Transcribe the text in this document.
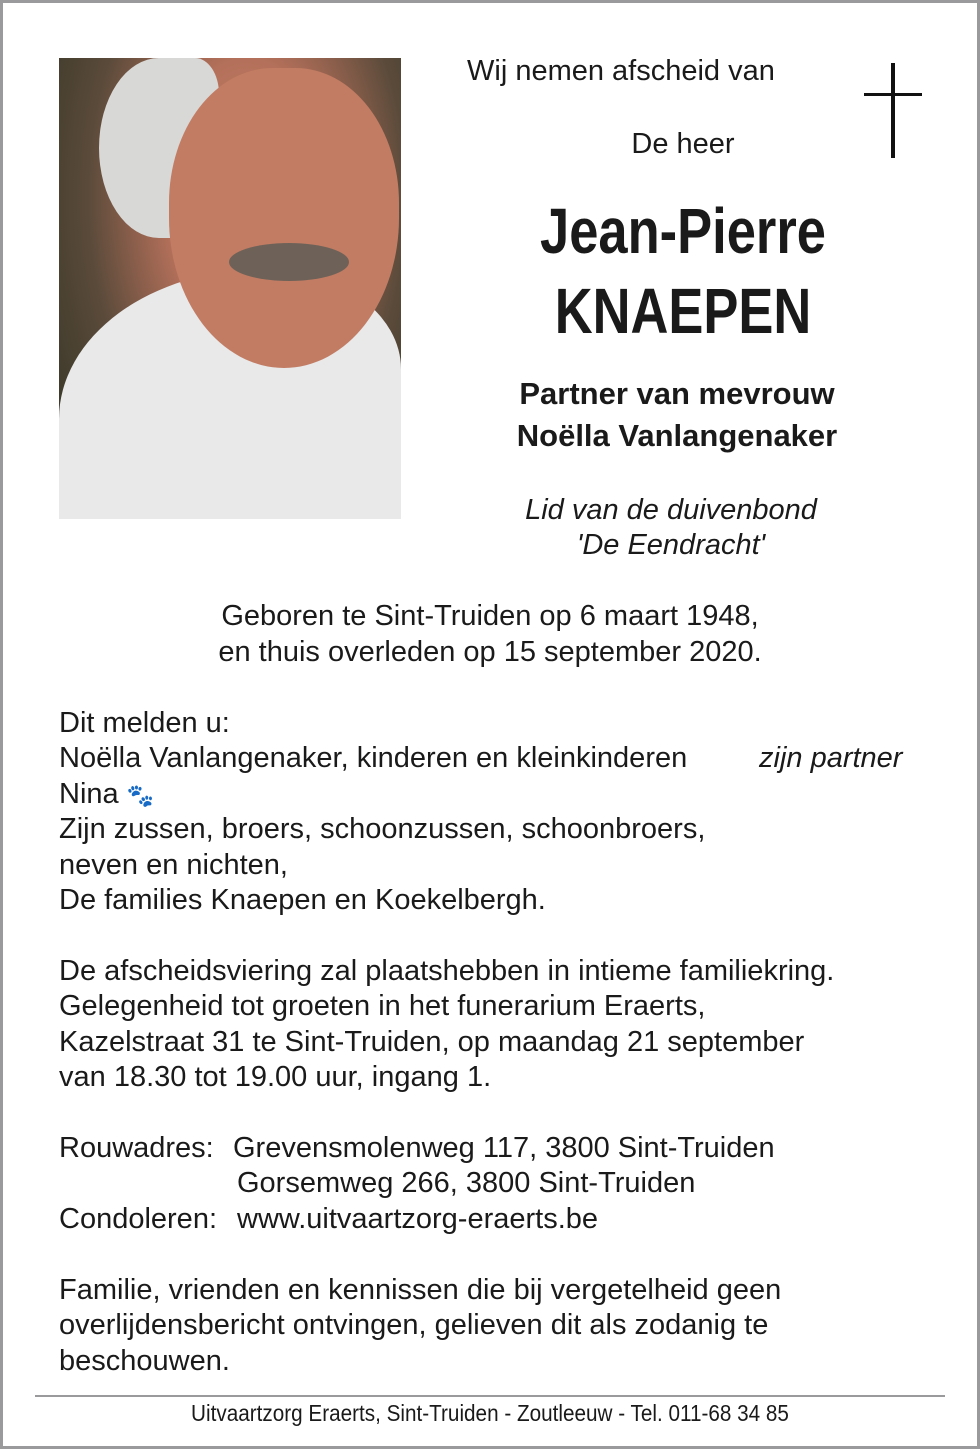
Wij nemen afscheid van
De heer
Jean-Pierre
KNAEPEN
Partner van mevrouw
Noëlla Vanlangenaker
Lid van de duivenbond
'De Eendracht'
Geboren te Sint-Truiden op 6 maart 1948,
en thuis overleden op 15 september 2020.
Dit melden u:
Noëlla Vanlangenaker, kinderen en kleinkinderen zijn partner
Nina 🐾
Zijn zussen, broers, schoonzussen, schoonbroers,
neven en nichten,
De families Knaepen en Koekelbergh.
De afscheidsviering zal plaatshebben in intieme familiekring.
Gelegenheid tot groeten in het funerarium Eraerts,
Kazelstraat 31 te Sint-Truiden, op maandag 21 september
van 18.30 tot 19.00 uur, ingang 1.
Rouwadres: Grevensmolenweg 117, 3800 Sint-Truiden
Gorsemweg 266, 3800 Sint-Truiden
Condoleren: www.uitvaartzorg-eraerts.be
Familie, vrienden en kennissen die bij vergetelheid geen
overlijdensbericht ontvingen, gelieven dit als zodanig te
beschouwen.
Uitvaartzorg Eraerts, Sint-Truiden - Zoutleeuw - Tel. 011-68 34 85
